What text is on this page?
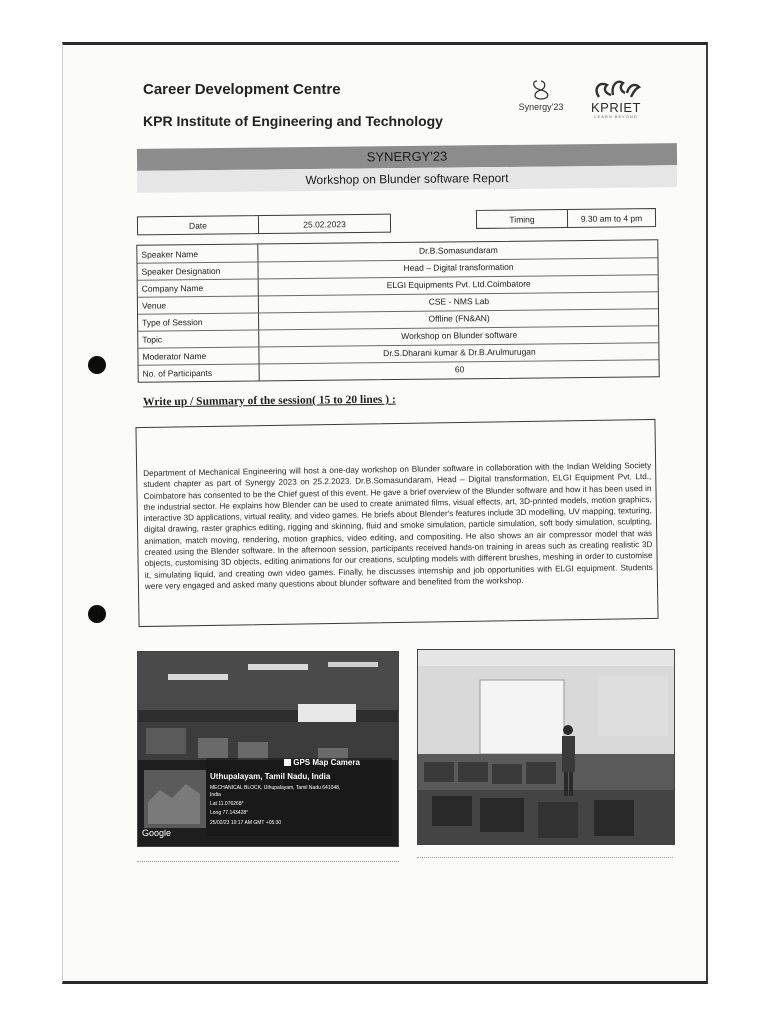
Career Development Centre
KPR Institute of Engineering and Technology
Synergy'23	KPRIET
LEARN BEYOND
SYNERGY'23
Workshop on Blunder software Report
Date	25.02.2023	Timing	9.30 am to 4 pm
Speaker Name	Dr.B.Somasundaram
Speaker Designation	Head – Digital transformation
Company Name	ELGI Equipments Pvt. Ltd.Coimbatore
Venue	CSE - NMS Lab
Type of Session	Offline (FN&AN)
Topic	Workshop on Blunder software
Moderator Name	Dr.S.Dharani kumar & Dr.B.Arulmurugan
No. of Participants	60
Write up / Summary of the session( 15 to 20 lines ) :
Department of Mechanical Engineering will host a one-day workshop on Blunder software in collaboration with the Indian Welding Society student chapter as part of Synergy 2023 on 25.2.2023. Dr.B.Somasundaram, Head – Digital transformation, ELGI Equipment Pvt. Ltd., Coimbatore has consented to be the Chief guest of this event. He gave a brief overview of the Blunder software and how it has been used in the industrial sector. He explains how Blender can be used to create animated films, visual effects, art, 3D-printed models, motion graphics, interactive 3D applications, virtual reality, and video games. He briefs about Blender's features include 3D modelling, UV mapping, texturing, digital drawing, raster graphics editing, rigging and skinning, fluid and smoke simulation, particle simulation, soft body simulation, sculpting, animation, match moving, rendering, motion graphics, video editing, and compositing. He also shows an air compressor model that was created using the Blender software. In the afternoon session, participants received hands-on training in areas such as creating realistic 3D objects, customising 3D objects, editing animations for our creations, sculpting models with different brushes, meshing in order to customise it, simulating liquid, and creating own video games. Finally, he discusses internship and job opportunities with ELGI equipment. Students were very engaged and asked many questions about blunder software and benefited from the workshop.
GPS Map Camera
Uthupalayam, Tamil Nadu, India
MECHANICAL BLOCK, Uthupalayam, Tamil Nadu 641048,
India
Lat 11.076268°
Long 77.143428°
25/02/23 10:17 AM GMT +05:30
Google
